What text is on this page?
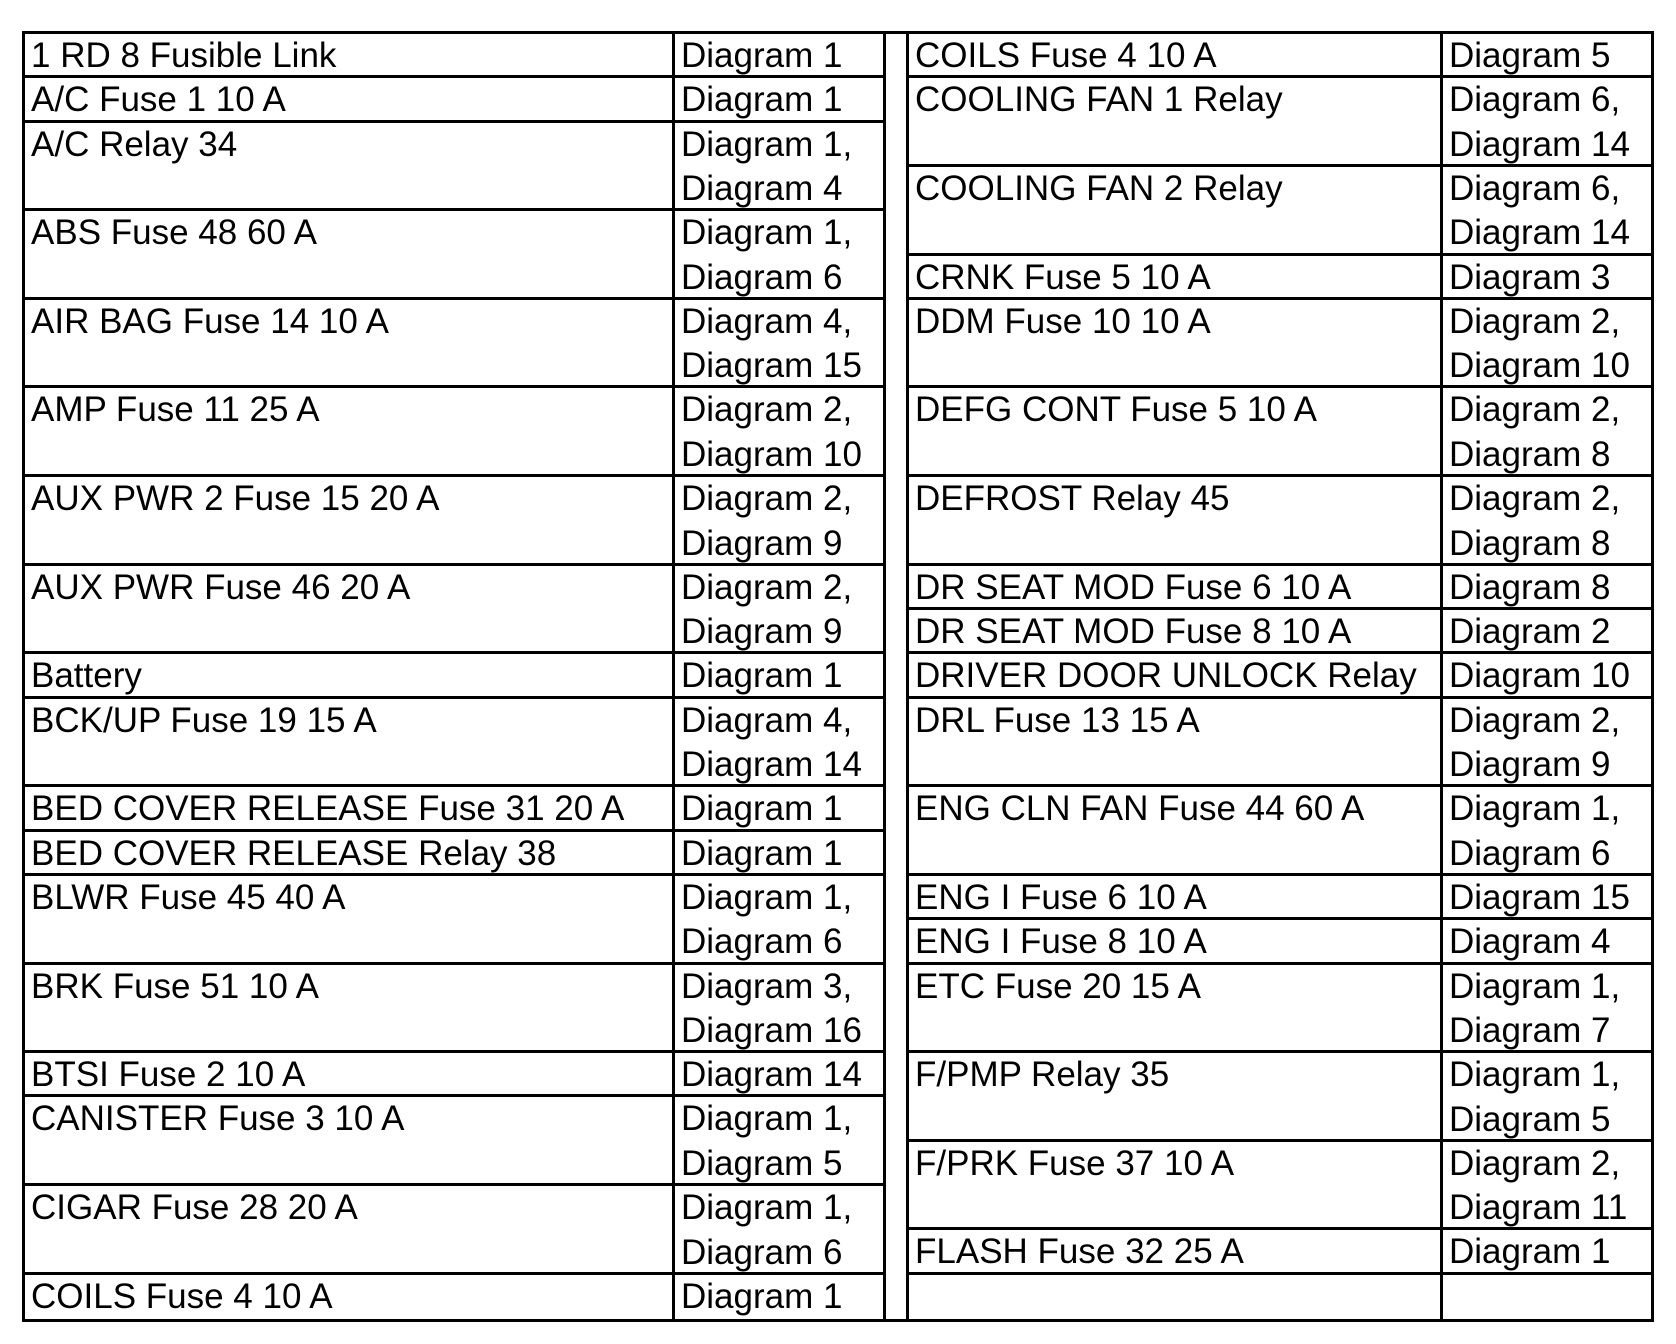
1 RD 8 Fusible Link	Diagram 1
A/C Fuse 1 10 A	Diagram 1
A/C Relay 34	Diagram 1,
Diagram 4
ABS Fuse 48 60 A	Diagram 1,
Diagram 6
AIR BAG Fuse 14 10 A	Diagram 4,
Diagram 15
AMP Fuse 11 25 A	Diagram 2,
Diagram 10
AUX PWR 2 Fuse 15 20 A	Diagram 2,
Diagram 9
AUX PWR Fuse 46 20 A	Diagram 2,
Diagram 9
Battery	Diagram 1
BCK/UP Fuse 19 15 A	Diagram 4,
Diagram 14
BED COVER RELEASE Fuse 31 20 A	Diagram 1
BED COVER RELEASE Relay 38	Diagram 1
BLWR Fuse 45 40 A	Diagram 1,
Diagram 6
BRK Fuse 51 10 A	Diagram 3,
Diagram 16
BTSI Fuse 2 10 A	Diagram 14
CANISTER Fuse 3 10 A	Diagram 1,
Diagram 5
CIGAR Fuse 28 20 A	Diagram 1,
Diagram 6
COILS Fuse 4 10 A	Diagram 1
COILS Fuse 4 10 A	Diagram 5
COOLING FAN 1 Relay	Diagram 6,
Diagram 14
COOLING FAN 2 Relay	Diagram 6,
Diagram 14
CRNK Fuse 5 10 A	Diagram 3
DDM Fuse 10 10 A	Diagram 2,
Diagram 10
DEFG CONT Fuse 5 10 A	Diagram 2,
Diagram 8
DEFROST Relay 45	Diagram 2,
Diagram 8
DR SEAT MOD Fuse 6 10 A	Diagram 8
DR SEAT MOD Fuse 8 10 A	Diagram 2
DRIVER DOOR UNLOCK Relay Diagram 10
DRL Fuse 13 15 A	Diagram 2,
Diagram 9
ENG CLN FAN Fuse 44 60 A	Diagram 1,
Diagram 6
ENG I Fuse 6 10 A	Diagram 15
ENG I Fuse 8 10 A	Diagram 4
ETC Fuse 20 15 A	Diagram 1,
Diagram 7
F/PMP Relay 35	Diagram 1,
Diagram 5
F/PRK Fuse 37 10 A	Diagram 2,
Diagram 11
FLASH Fuse 32 25 A	Diagram 1
